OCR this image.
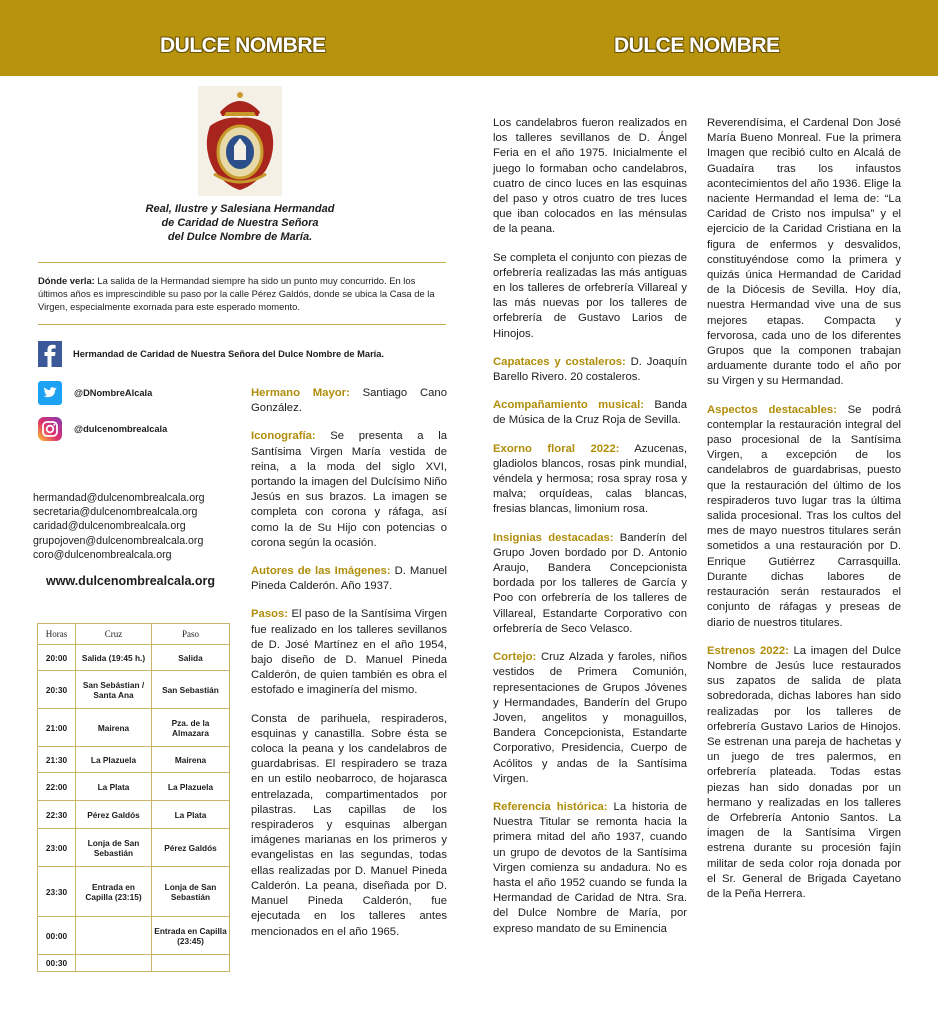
DULCE NOMBRE	DULCE NOMBRE
Real, Ilustre y Salesiana Hermandad
de Caridad de Nuestra Señora
del Dulce Nombre de María.
Dónde verla: La salida de la Hermandad siempre ha sido un punto muy concurrido. En los últimos años es imprescindible su paso por la calle Pérez Galdós, donde se ubica la Casa de la Virgen, especialmente exornada para este esperado momento.
Hermandad de Caridad de Nuestra Señora del Dulce Nombre de María.
@DNombreAlcala
@dulcenombrealcala
hermandad@dulcenombrealcala.org
secretaria@dulcenombrealcala.org
caridad@dulcenombrealcala.org
grupojoven@dulcenombrealcala.org
coro@dulcenombrealcala.org
www.dulcenombrealcala.org
Horas	Cruz	Paso
20:00	Salida (19:45 h.)	Salida
20:30	San Sebástian / Santa Ana	San Sebastián
21:00	Mairena	Pza. de la Almazara
21:30	La Plazuela	Mairena
22:00	La Plata	La Plazuela
22:30	Pérez Galdós	La Plata
23:00	Lonja de San Sebastián	Pérez Galdós
23:30	Entrada en Capilla (23:15)	Lonja de San Sebastián
00:00		Entrada en Capilla (23:45)
00:30		

Hermano Mayor: Santiago Cano González.

Iconografía: Se presenta a la Santísima Virgen María vestida de reina, a la moda del siglo XVI, portando la imagen del Dulcísimo Niño Jesús en sus brazos. La imagen se completa con corona y ráfaga, así como la de Su Hijo con potencias o corona según la ocasión.

Autores de las Imágenes: D. Manuel Pineda Calderón. Año 1937.

Pasos: El paso de la Santísima Virgen fue realizado en los talleres sevillanos de D. José Martínez en el año 1954, bajo diseño de D. Manuel Pineda Calderón, de quien también es obra el estofado e imaginería del mismo.

Consta de parihuela, respiraderos, esquinas y canastilla. Sobre ésta se coloca la peana y los candelabros de guardabrisas. El respiradero se traza en un estilo neobarroco, de hojarasca entrelazada, compartimentados por pilastras. Las capillas de los respiraderos y esquinas albergan imágenes marianas en los primeros y evangelistas en las segundas, todas ellas realizadas por D. Manuel Pineda Calderón. La peana, diseñada por D. Manuel Pineda Calderón, fue ejecutada en los talleres antes mencionados en el año 1965.

Los candelabros fueron realizados en los talleres sevillanos de D. Ángel Feria en el año 1975. Inicialmente el juego lo formaban ocho candelabros, cuatro de cinco luces en las esquinas del paso y otros cuatro de tres luces que iban colocados en las ménsulas de la peana.

Se completa el conjunto con piezas de orfebrería realizadas las más antiguas en los talleres de orfebrería Villareal y las más nuevas por los talleres de orfebrería de Gustavo Larios de Hinojos.

Capataces y costaleros: D. Joaquín Barello Rivero. 20 costaleros.

Acompañamiento musical: Banda de Música de la Cruz Roja de Sevilla.

Exorno floral 2022: Azucenas, gladiolos blancos, rosas pink mundial, véndela y hermosa; rosa spray rosa y malva; orquídeas, calas blancas, fresias blancas, limonium rosa.

Insignias destacadas: Banderín del Grupo Joven bordado por D. Antonio Araujo, Bandera Concepcionista bordada por los talleres de García y Poo con orfebrería de los talleres de Villareal, Estandarte Corporativo con orfebrería de Seco Velasco.

Cortejo: Cruz Alzada y faroles, niños vestidos de Primera Comunión, representaciones de Grupos Jóvenes y Hermandades, Banderín del Grupo Joven, angelitos y monaguillos, Bandera Concepcionista, Estandarte Corporativo, Presidencia, Cuerpo de Acólitos y andas de la Santísima Virgen.

Referencia histórica: La historia de Nuestra Titular se remonta hacia la primera mitad del año 1937, cuando un grupo de devotos de la Santísima Virgen comienza su andadura. No es hasta el año 1952 cuando se funda la Hermandad de Caridad de Ntra. Sra. del Dulce Nombre de María, por expreso mandato de su Eminencia

Reverendísima, el Cardenal Don José María Bueno Monreal. Fue la primera Imagen que recibió culto en Alcalá de Guadaíra tras los infaustos acontecimientos del año 1936. Elige la naciente Hermandad el lema de: “La Caridad de Cristo nos impulsa” y el ejercicio de la Caridad Cristiana en la figura de enfermos y desvalidos, constituyéndose como la primera y quizás única Hermandad de Caridad de la Diócesis de Sevilla. Hoy día, nuestra Hermandad vive una de sus mejores etapas. Compacta y fervorosa, cada uno de los diferentes Grupos que la componen trabajan arduamente durante todo el año por su Virgen y su Hermandad.

Aspectos destacables: Se podrá contemplar la restauración integral del paso procesional de la Santísima Virgen, a excepción de los candelabros de guardabrisas, puesto que la restauración del último de los respiraderos tuvo lugar tras la última salida procesional. Tras los cultos del mes de mayo nuestros titulares serán sometidos a una restauración por D. Enrique Gutiérrez Carrasquilla. Durante dichas labores de restauración serán restaurados el conjunto de ráfagas y preseas de diario de nuestros titulares.

Estrenos 2022: La imagen del Dulce Nombre de Jesús luce restaurados sus zapatos de salida de plata sobredorada, dichas labores han sido realizadas por los talleres de orfebrería Gustavo Larios de Hinojos. Se estrenan una pareja de hachetas y un juego de tres palermos, en orfebrería plateada. Todas estas piezas han sido donadas por un hermano y realizadas en los talleres de Orfebrería Antonio Santos. La imagen de la Santísima Virgen estrena durante su procesión fajín militar de seda color roja donada por el Sr. General de Brigada Cayetano de la Peña Herrera.
